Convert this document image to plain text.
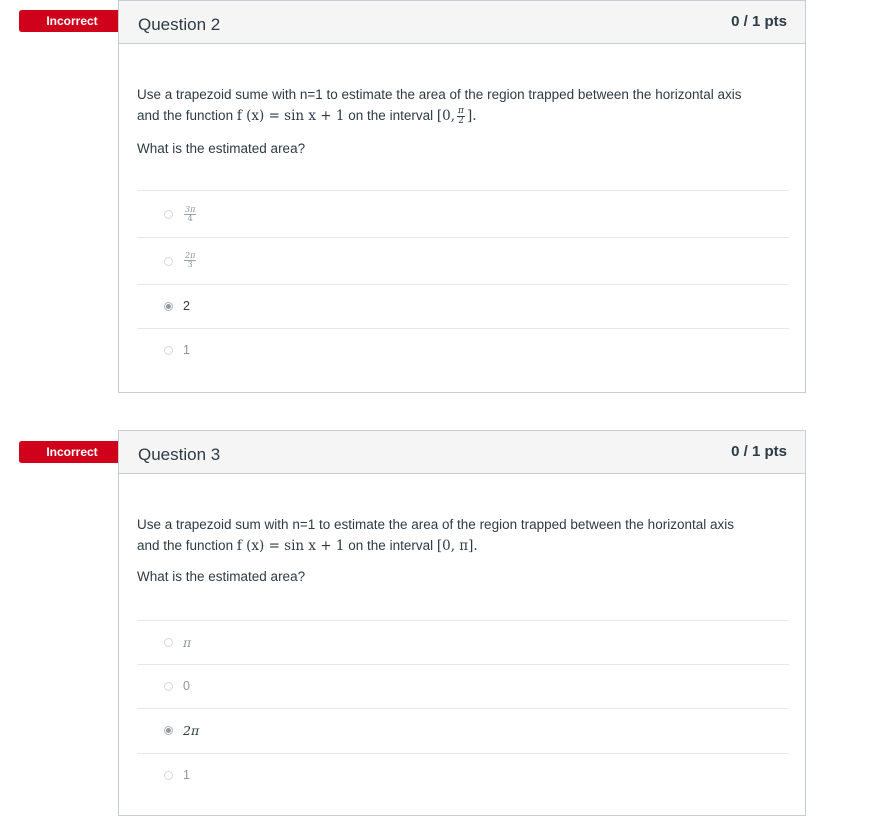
Incorrect	Question 2	0 / 1 pts
Use a trapezoid sume with n=1 to estimate the area of the region trapped between the horizontal axis
and the function f (x) = sin x + 1 on the interval [0, $\frac{\pi}{2}$ ].
What is the estimated area?
$\frac{3\pi}{4}$
$\frac{2\pi}{3}$
2
1
Incorrect	Question 3	0 / 1 pts
Use a trapezoid sum with n=1 to estimate the area of the region trapped between the horizontal axis
and the function f (x) = sin x + 1 on the interval [0, π].
What is the estimated area?
π
0
2π
1
